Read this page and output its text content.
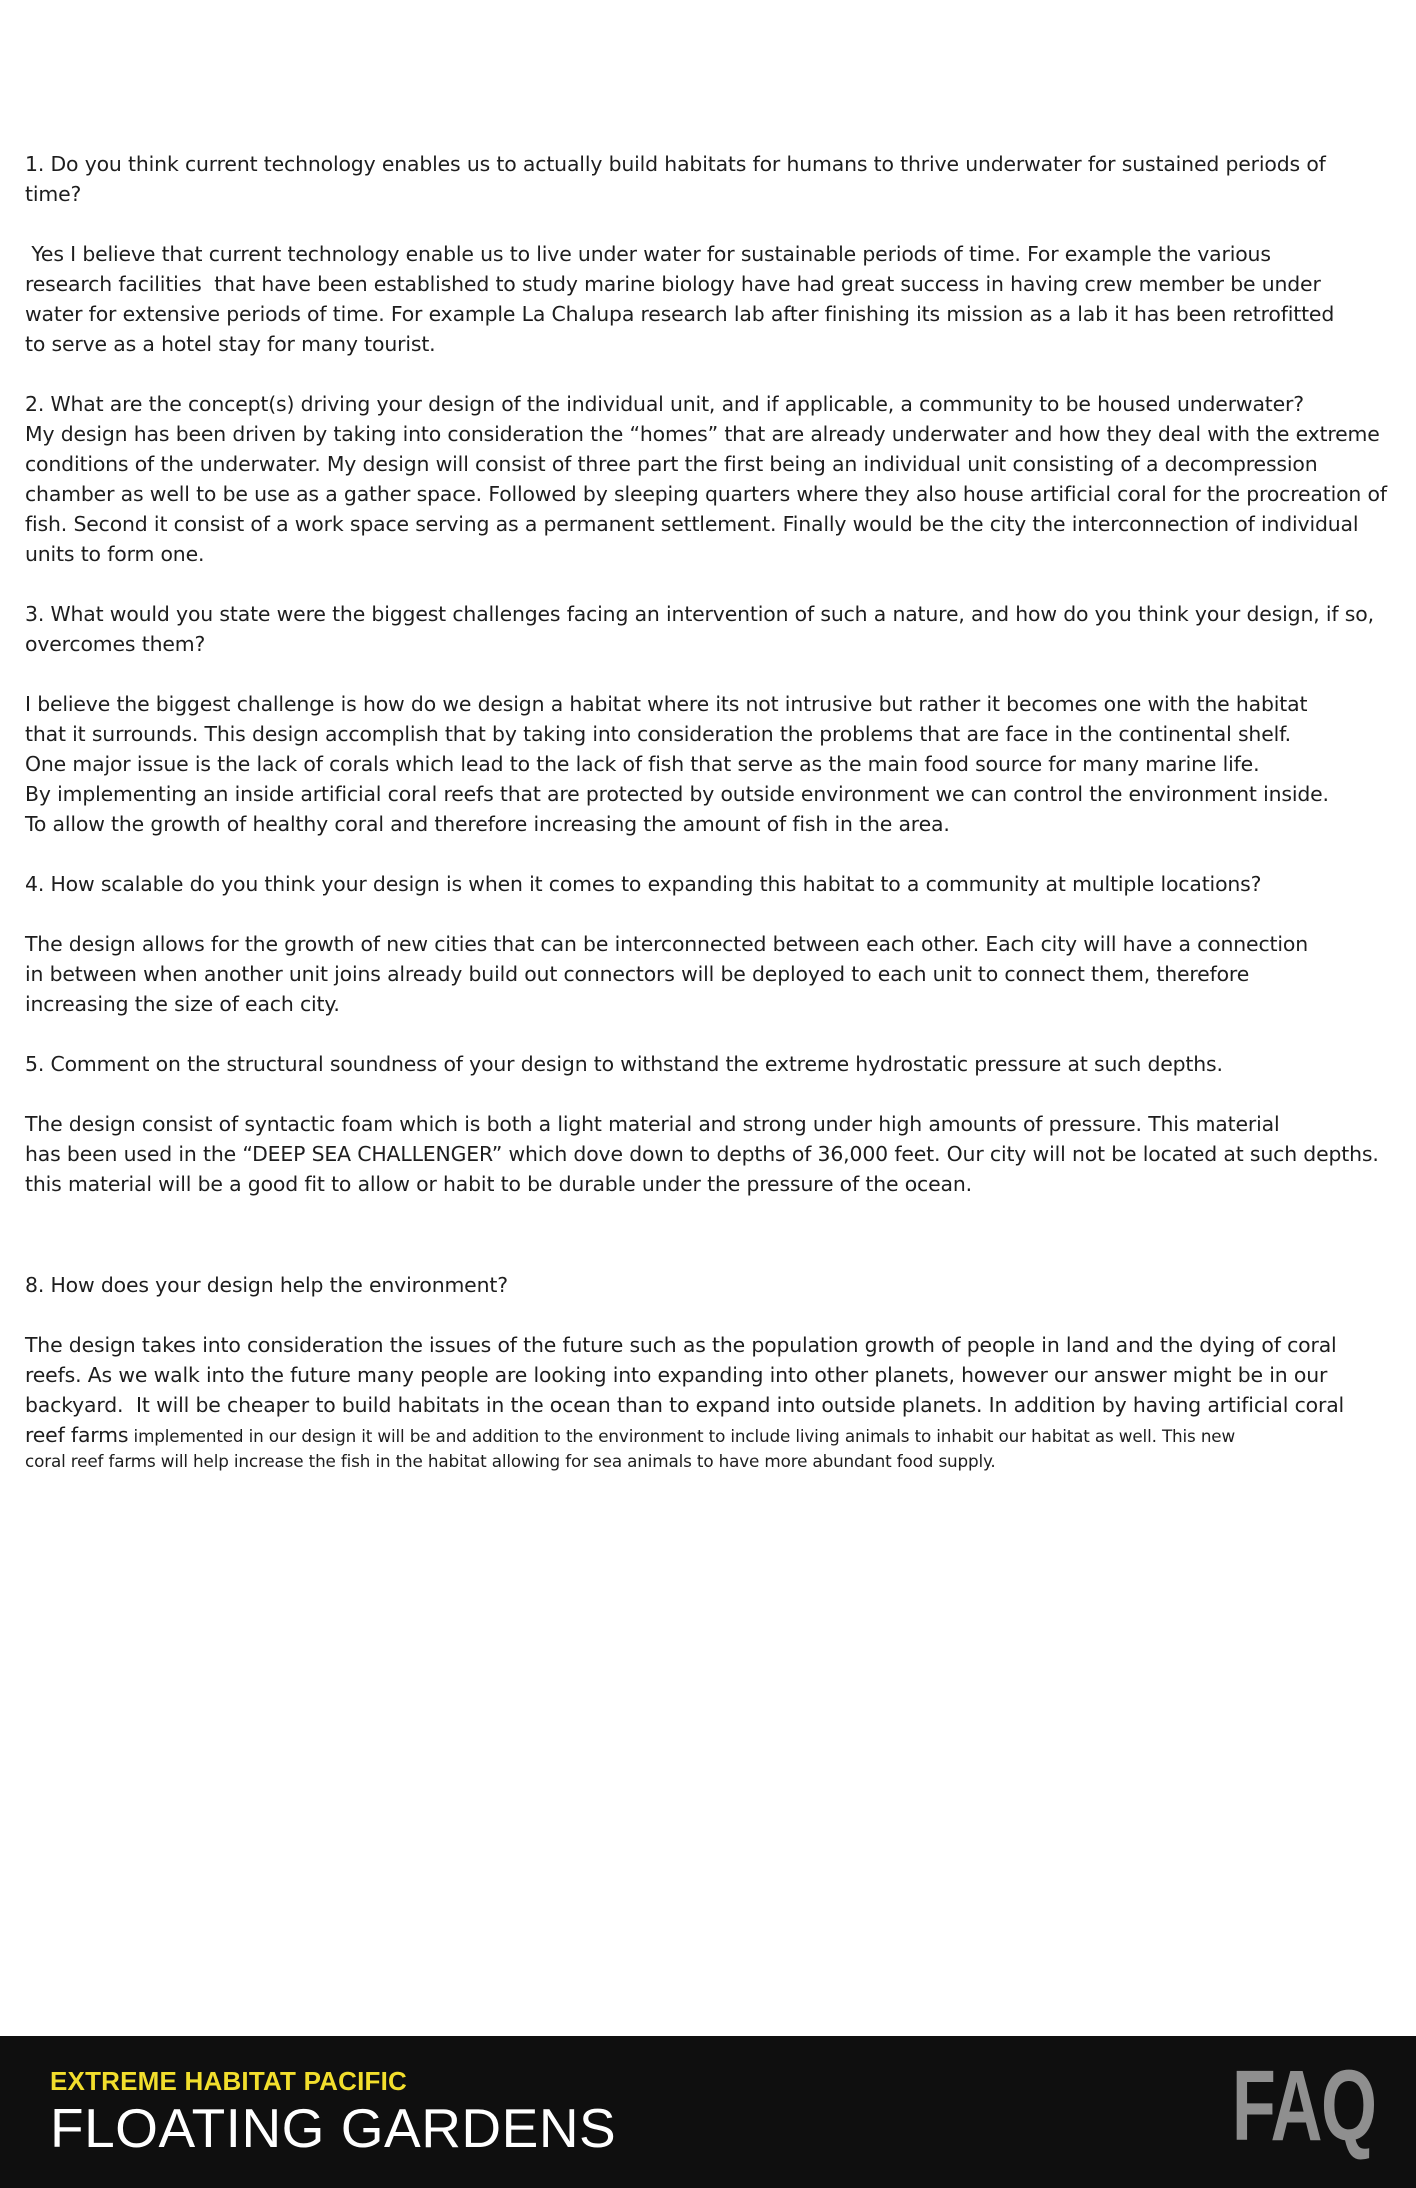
1. Do you think current technology enables us to actually build habitats for humans to thrive underwater for sustained periods of
time?
Yes I believe that current technology enable us to live under water for sustainable periods of time. For example the various
research facilities  that have been established to study marine biology have had great success in having crew member be under
water for extensive periods of time. For example La Chalupa research lab after finishing its mission as a lab it has been retrofitted
to serve as a hotel stay for many tourist.
2. What are the concept(s) driving your design of the individual unit, and if applicable, a community to be housed underwater?
My design has been driven by taking into consideration the “homes” that are already underwater and how they deal with the extreme
conditions of the underwater. My design will consist of three part the first being an individual unit consisting of a decompression
chamber as well to be use as a gather space. Followed by sleeping quarters where they also house artificial coral for the procreation of
fish. Second it consist of a work space serving as a permanent settlement. Finally would be the city the interconnection of individual
units to form one.
3. What would you state were the biggest challenges facing an intervention of such a nature, and how do you think your design, if so,
overcomes them?
I believe the biggest challenge is how do we design a habitat where its not intrusive but rather it becomes one with the habitat
that it surrounds. This design accomplish that by taking into consideration the problems that are face in the continental shelf.
One major issue is the lack of corals which lead to the lack of fish that serve as the main food source for many marine life.
By implementing an inside artificial coral reefs that are protected by outside environment we can control the environment inside.
To allow the growth of healthy coral and therefore increasing the amount of fish in the area.
4. How scalable do you think your design is when it comes to expanding this habitat to a community at multiple locations?
The design allows for the growth of new cities that can be interconnected between each other. Each city will have a connection
in between when another unit joins already build out connectors will be deployed to each unit to connect them, therefore
increasing the size of each city.
5. Comment on the structural soundness of your design to withstand the extreme hydrostatic pressure at such depths.
The design consist of syntactic foam which is both a light material and strong under high amounts of pressure. This material
has been used in the “DEEP SEA CHALLENGER” which dove down to depths of 36,000 feet. Our city will not be located at such depths.
this material will be a good fit to allow or habit to be durable under the pressure of the ocean.
8. How does your design help the environment?
The design takes into consideration the issues of the future such as the population growth of people in land and the dying of coral
reefs. As we walk into the future many people are looking into expanding into other planets, however our answer might be in our
backyard.  It will be cheaper to build habitats in the ocean than to expand into outside planets. In addition by having artificial coral
reef farms implemented in our design it will be and addition to the environment to include living animals to inhabit our habitat as well. This new
coral reef farms will help increase the fish in the habitat allowing for sea animals to have more abundant food supply.
EXTREME HABITAT PACIFIC
FLOATING GARDENS	FAQ
